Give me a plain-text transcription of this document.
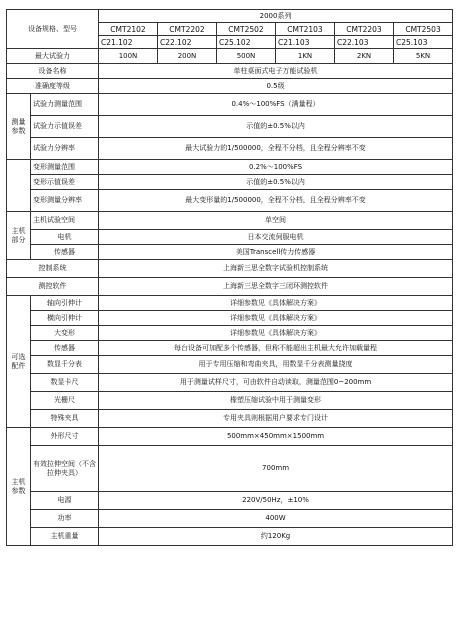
设备规格、型号		2000系列					
		CMT2102	CMT2202	CMT2502	CMT2103	CMT2203	CMT2503
		C21.102	C22.102	C25.102	C21.103	C22.103	C25.103
最大试验力		100N	200N	500N	1KN	2KN	5KN
设备名称		单柱桌面式电子万能试验机					
准确度等级		0.5级					
测量参数	试验力测量范围	0.4%～100%FS（满量程）					
	试验力示值误差	示值的±0.5%以内					
	试验力分辨率	最大试验力的1/500000，全程不分档，且全程分辨率不变					
	变形测量范围	0.2%～100%FS					
	变形示值误差	示值的±0.5%以内					
	变形测量分辨率	最大变形量的1/500000，全程不分档，且全程分辨率不变					
主机部分	主机试验空间	单空间					
	电机	日本交流伺服电机					
	传感器	美国Transcell传力传感器					
控制系统		上海新三思全数字试验机控制系统					
测控软件		上海新三思全数字三闭环测控软件					
可选配件	轴向引伸计	详细参数见《具体解决方案》					
	横向引伸计	详细参数见《具体解决方案》					
	大变形	详细参数见《具体解决方案》					
	传感器	每台设备可加配多个传感器，但称不能超出主机最大允许加载量程					
	数显千分表	用于专用压缩和弯曲夹具，用数显千分表测量挠度					
	数显卡尺	用于测量试样尺寸，可由软件自动读取，测量范围0~200mm					
	光栅尺	橡塑压缩试验中用于测量变形					
	特殊夹具	专用夹具则根据用户要求专门设计					
主机参数	外形尺寸	500mm×450mm×1500mm					
	有效拉伸空间（不含拉伸夹具）	700mm					
	电源	220V/50Hz，±10%					
	功率	400W					
	主机重量	约120Kg					
